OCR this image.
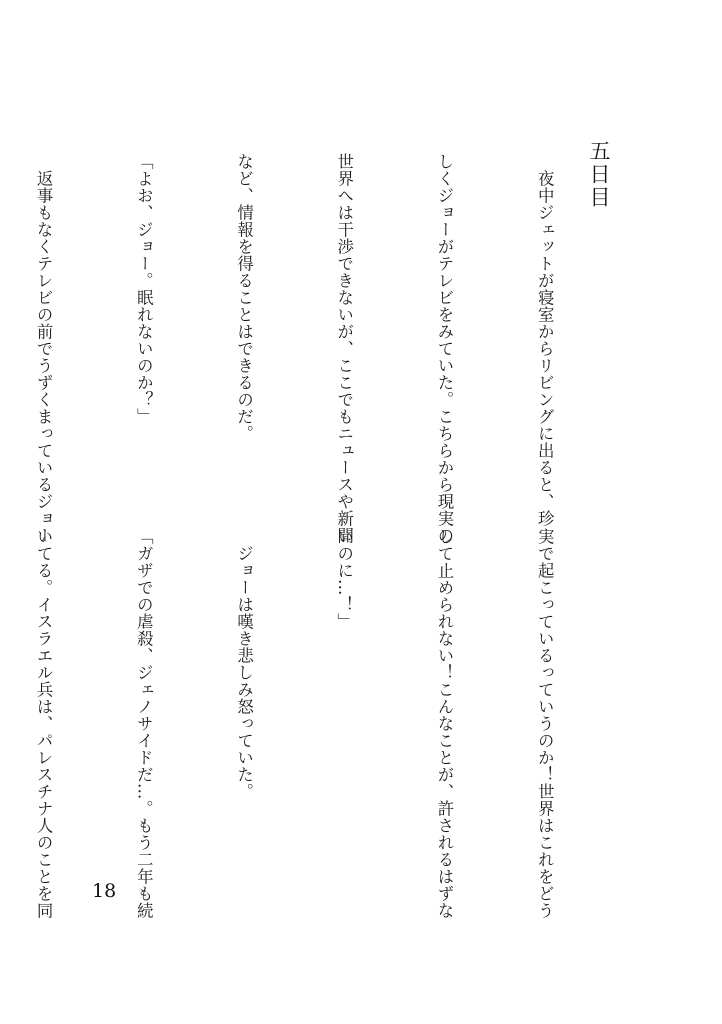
五日目

　夜中ジェットが寝室からリビングに出ると、珍

しくジョーがテレビをみていた。こちらから現実の

世界へは干渉できないが、ここでもニュースや新聞

など、情報を得ることはできるのだ。

「よお、ジョー。眠れないのか？」

　返事もなくテレビの前でうずくまっているジョー

実で起こっているっていうのか！世界はこれをどう

して止められない！こんなことが、許されるはずな

いのに…！」

　ジョーは嘆き悲しみ怒っていた。

「ガザでの虐殺、ジェノサイドだ…。もう二年も続

いてる。イスラエル兵は、パレスチナ人のことを同

	18
